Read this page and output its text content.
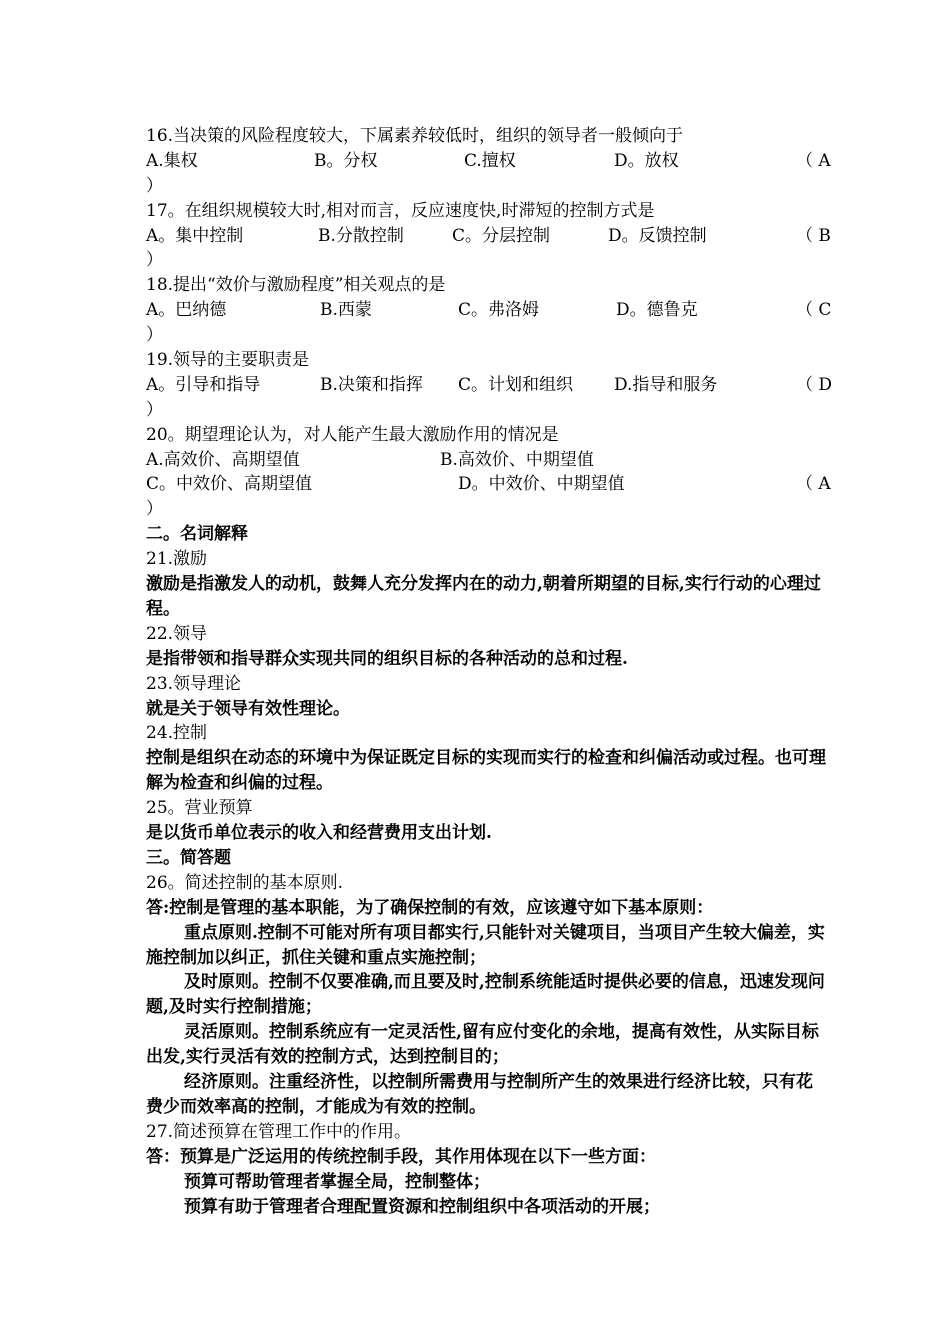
16.当决策的风险程度较大，下属素养较低时，组织的领导者一般倾向于
A.集权	B。分权	C.擅权	D。放权	（ A
）
17。在组织规模较大时,相对而言，反应速度快,时滞短的控制方式是
A。集中控制	B.分散控制	C。分层控制	D。反馈控制	（ B
）
18.提出“效价与激励程度”相关观点的是
A。巴纳德	B.西蒙	C。弗洛姆	D。德鲁克	（ C
）
19.领导的主要职责是
A。引导和指导	B.决策和指挥 C。计划和组织 D.指导和服务	（ D
）
20。期望理论认为，对人能产生最大激励作用的情况是
A.高效价、高期望值	B.高效价、中期望值
C。中效价、高期望值	D。中效价、中期望值	（ A
）
二。名词解释
21.激励
激励是指激发人的动机，鼓舞人充分发挥内在的动力,朝着所期望的目标,实行行动的心理过程。
22.领导
是指带领和指导群众实现共同的组织目标的各种活动的总和过程.
23.领导理论
就是关于领导有效性理论。
24.控制
控制是组织在动态的环境中为保证既定目标的实现而实行的检查和纠偏活动或过程。也可理解为检查和纠偏的过程。
25。营业预算
是以货币单位表示的收入和经营费用支出计划.
三。简答题
26。简述控制的基本原则.
答:控制是管理的基本职能，为了确保控制的有效，应该遵守如下基本原则：
重点原则.控制不可能对所有项目都实行,只能针对关键项目，当项目产生较大偏差，实施控制加以纠正，抓住关键和重点实施控制；
及时原则。控制不仅要准确,而且要及时,控制系统能适时提供必要的信息，迅速发现问题,及时实行控制措施；
灵活原则。控制系统应有一定灵活性,留有应付变化的余地，提高有效性，从实际目标出发,实行灵活有效的控制方式，达到控制目的；
经济原则。注重经济性，以控制所需费用与控制所产生的效果进行经济比较，只有花费少而效率高的控制，才能成为有效的控制。
27.简述预算在管理工作中的作用。
答：预算是广泛运用的传统控制手段，其作用体现在以下一些方面：
预算可帮助管理者掌握全局，控制整体；
预算有助于管理者合理配置资源和控制组织中各项活动的开展；
